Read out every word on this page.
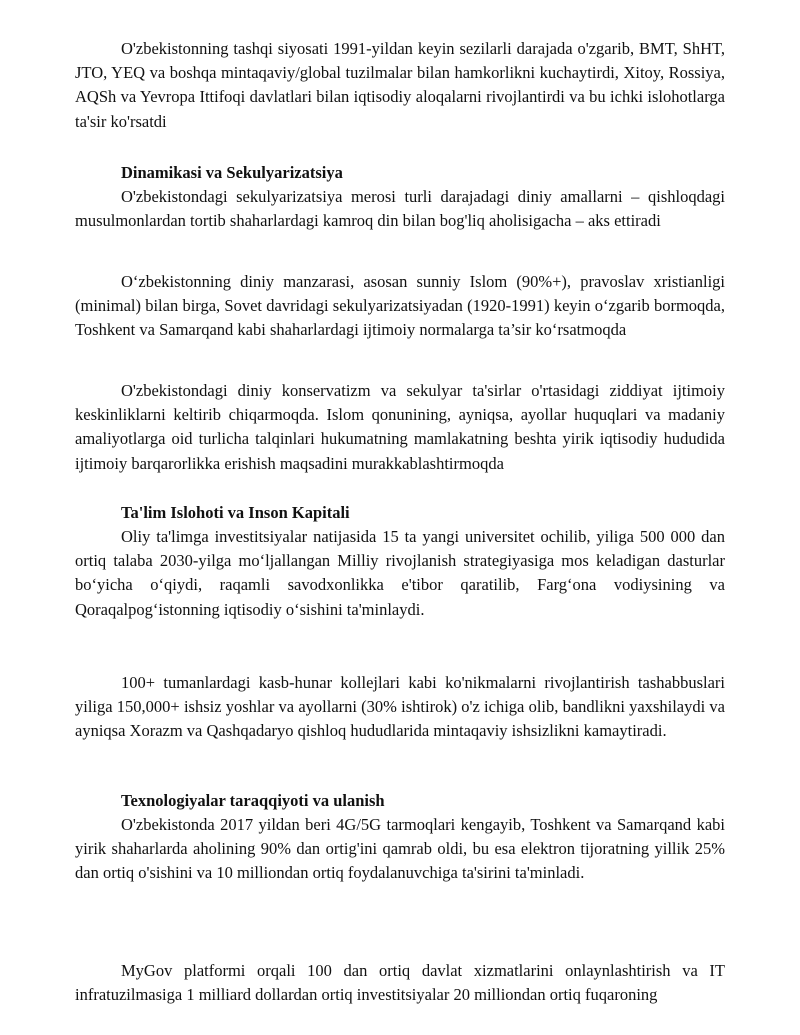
O'zbekistonning tashqi siyosati 1991-yildan keyin sezilarli darajada o'zgarib, BMT, ShHT, JTO, YEQ va boshqa mintaqaviy/global tuzilmalar bilan hamkorlikni kuchaytirdi, Xitoy, Rossiya, AQSh va Yevropa Ittifoqi davlatlari bilan iqtisodiy aloqalarni rivojlantirdi va bu ichki islohotlarga ta'sir ko'rsatdi

Dinamikasi va Sekulyarizatsiya

O'zbekistondagi sekulyarizatsiya merosi turli darajadagi diniy amallarni – qishloqdagi musulmonlardan tortib shaharlardagi kamroq din bilan bog'liq aholisigacha – aks ettiradi

O‘zbekistonning diniy manzarasi, asosan sunniy Islom (90%+), pravoslav xristianligi (minimal) bilan birga, Sovet davridagi sekulyarizatsiyadan (1920-1991) keyin o‘zgarib bormoqda, Toshkent va Samarqand kabi shaharlardagi ijtimoiy normalarga ta’sir ko‘rsatmoqda

O'zbekistondagi diniy konservatizm va sekulyar ta'sirlar o'rtasidagi ziddiyat ijtimoiy keskinliklarni keltirib chiqarmoqda. Islom qonunining, ayniqsa, ayollar huquqlari va madaniy amaliyotlarga oid turlicha talqinlari hukumatning mamlakatning beshta yirik iqtisodiy hududida ijtimoiy barqarorlikka erishish maqsadini murakkablashtirmoqda

Ta'lim Islohoti va Inson Kapitali

Oliy ta'limga investitsiyalar natijasida 15 ta yangi universitet ochilib, yiliga 500 000 dan ortiq talaba 2030-yilga mo‘ljallangan Milliy rivojlanish strategiyasiga mos keladigan dasturlar bo‘yicha o‘qiydi, raqamli savodxonlikka e'tibor qaratilib, Farg‘ona vodiysining va Qoraqalpog‘istonning iqtisodiy o‘sishini ta'minlaydi.

100+ tumanlardagi kasb-hunar kollejlari kabi ko'nikmalarni rivojlantirish tashabbuslari yiliga 150,000+ ishsiz yoshlar va ayollarni (30% ishtirok) o'z ichiga olib, bandlikni yaxshilaydi va ayniqsa Xorazm va Qashqadaryo qishloq hududlarida mintaqaviy ishsizlikni kamaytiradi.

Texnologiyalar taraqqiyoti va ulanish

O'zbekistonda 2017 yildan beri 4G/5G tarmoqlari kengayib, Toshkent va Samarqand kabi yirik shaharlarda aholining 90% dan ortig'ini qamrab oldi, bu esa elektron tijoratning yillik 25% dan ortiq o'sishini va 10 milliondan ortiq foydalanuvchiga ta'sirini ta'minladi.

MyGov platformi orqali 100 dan ortiq davlat xizmatlarini onlaynlashtirish va IT infratuzilmasiga 1 milliard dollardan ortiq investitsiyalar 20 milliondan ortiq fuqaroning
